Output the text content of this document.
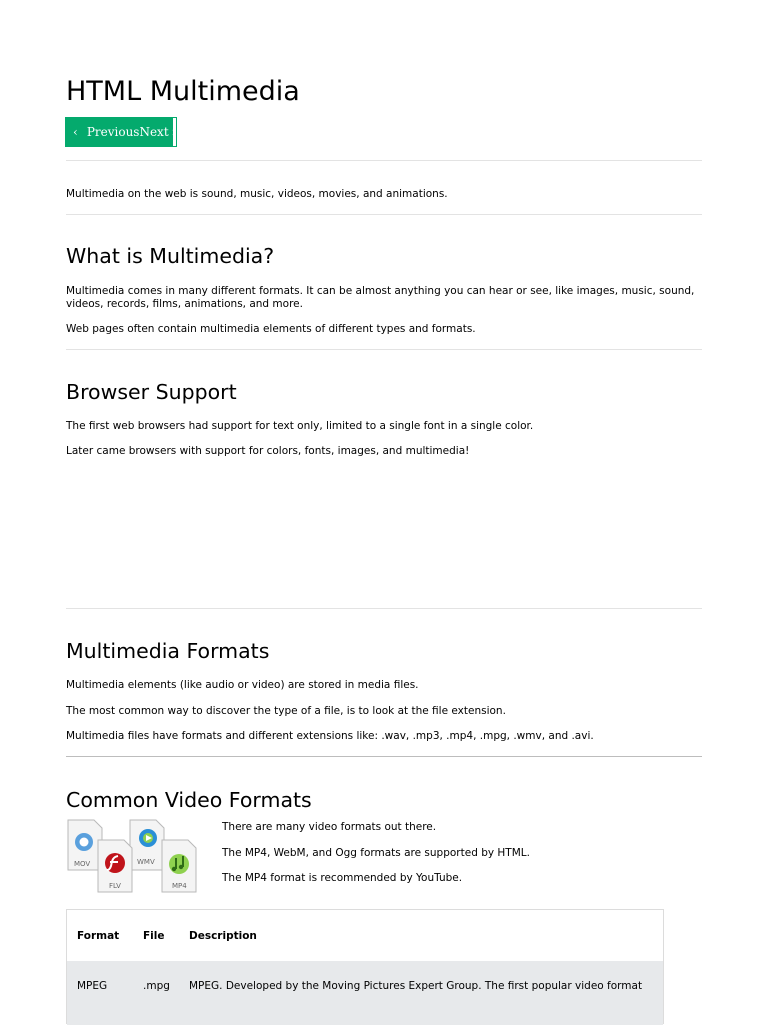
HTML Multimedia
‹ Previous Next ›
Multimedia on the web is sound, music, videos, movies, and animations.
What is Multimedia?
Multimedia comes in many different formats. It can be almost anything you can hear or see, like images, music, sound, videos, records, films, animations, and more.
Web pages often contain multimedia elements of different types and formats.
Browser Support
The first web browsers had support for text only, limited to a single font in a single color.
Later came browsers with support for colors, fonts, images, and multimedia!
Multimedia Formats
Multimedia elements (like audio or video) are stored in media files.
The most common way to discover the type of a file, is to look at the file extension.
Multimedia files have formats and different extensions like: .wav, .mp3, .mp4, .mpg, .wmv, and .avi.
Common Video Formats
MOV	WMV
FLV	MP4
There are many video formats out there.
The MP4, WebM, and Ogg formats are supported by HTML.
The MP4 format is recommended by YouTube.
Format File Description
MPEG	.mpg MPEG. Developed by the Moving Pictures Expert Group. The first popular video format
